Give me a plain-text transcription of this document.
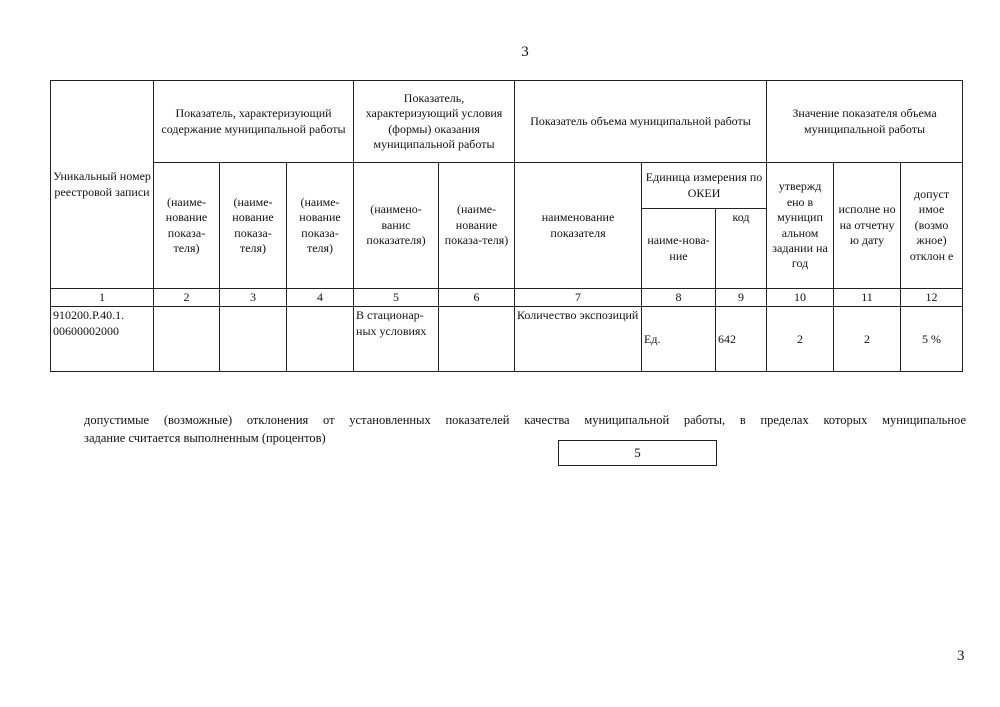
3
Уникальный номер реестровой записи	Показатель, характеризующий содержание муниципальной работы			Показатель, характеризующий условия (формы) оказания муниципальной работы		Показатель объема муниципальной работы			Значение показателя объема муниципальной работы		
	(наиме-нование показа-теля)	(наиме-нование показа-теля)	(наиме-нование показа-теля)	(наимено-ванис показателя)	(наиме-нование показа-теля)	наименование показателя	Единица измерения по ОКЕИ		утвержд eно в муницип альном задании на год	исполне но на отчетну ю дату	допуст имое (возмо жное) отклон е
							наиме-нова-ние	код			
1	2	3	4	5	6	7	8	9	10	11	12
910200.Р.40.1. 00600002000				В стационар-ных условиях		Количество экспозиций	Ед.	642	2	2	5 %
допустимые (возможные) отклонения от установленных показателей качества муниципальной работы, в пределах которых муниципальное
задание считается выполненным (процентов)
5
3
